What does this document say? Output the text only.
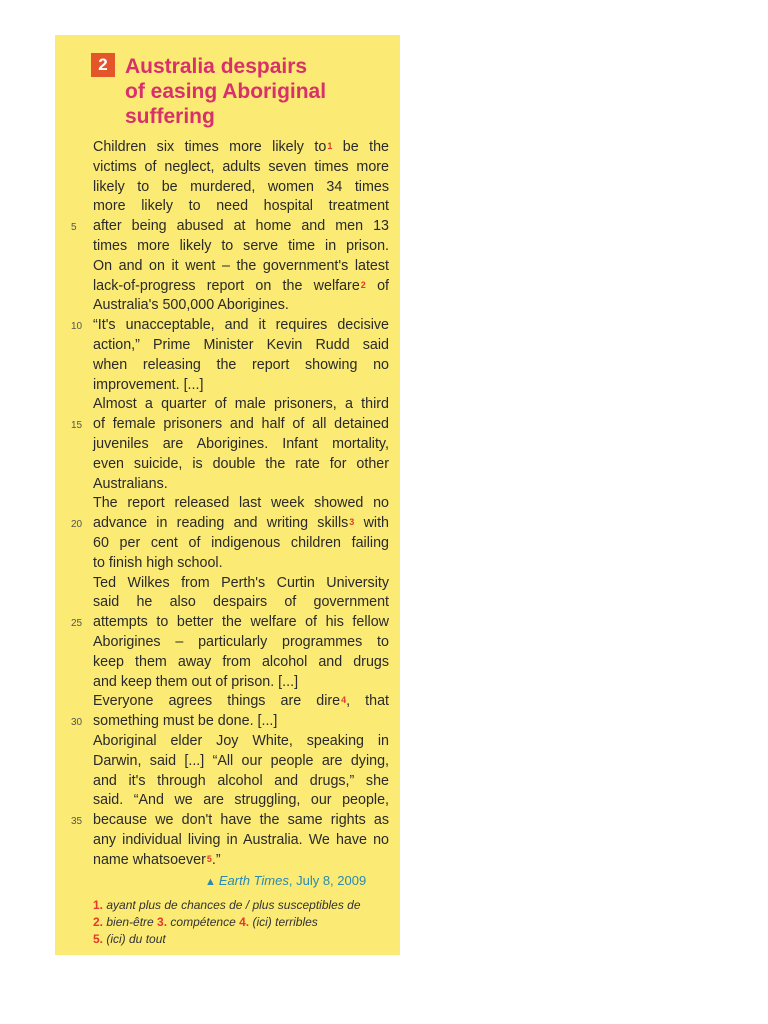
2 Australia despairs
of easing Aboriginal
suffering
Children six times more likely to$^1$ be the
victims of neglect, adults seven times more
likely to be murdered, women 34 times
more likely to need hospital treatment
5	after being abused at home and men 13
times more likely to serve time in prison.
On and on it went – the government's latest
lack-of-progress report on the welfare$^2$ of
Australia's 500,000 Aborigines.
10 “It's unacceptable, and it requires decisive
action,” Prime Minister Kevin Rudd said
when releasing the report showing no
improvement. [...]
Almost a quarter of male prisoners, a third
15 of female prisoners and half of all detained
juveniles are Aborigines. Infant mortality,
even suicide, is double the rate for other
Australians.
The report released last week showed no
20 advance in reading and writing skills$^3$ with
60 per cent of indigenous children failing
to finish high school.
Ted Wilkes from Perth's Curtin University
said he also despairs of government
25 attempts to better the welfare of his fellow
Aborigines – particularly programmes to
keep them away from alcohol and drugs
and keep them out of prison. [...]
Everyone agrees things are dire$^4$, that
30 something must be done. [...]
Aboriginal elder Joy White, speaking in
Darwin, said [...] “All our people are dying,
and it's through alcohol and drugs,” she
said. “And we are struggling, our people,
35 because we don't have the same rights as
any individual living in Australia. We have no
name whatsoever$^5$.”
▲ Earth Times, July 8, 2009
1. ayant plus de chances de / plus susceptibles de
2. bien-être 3. compétence 4. (ici) terribles
5. (ici) du tout
